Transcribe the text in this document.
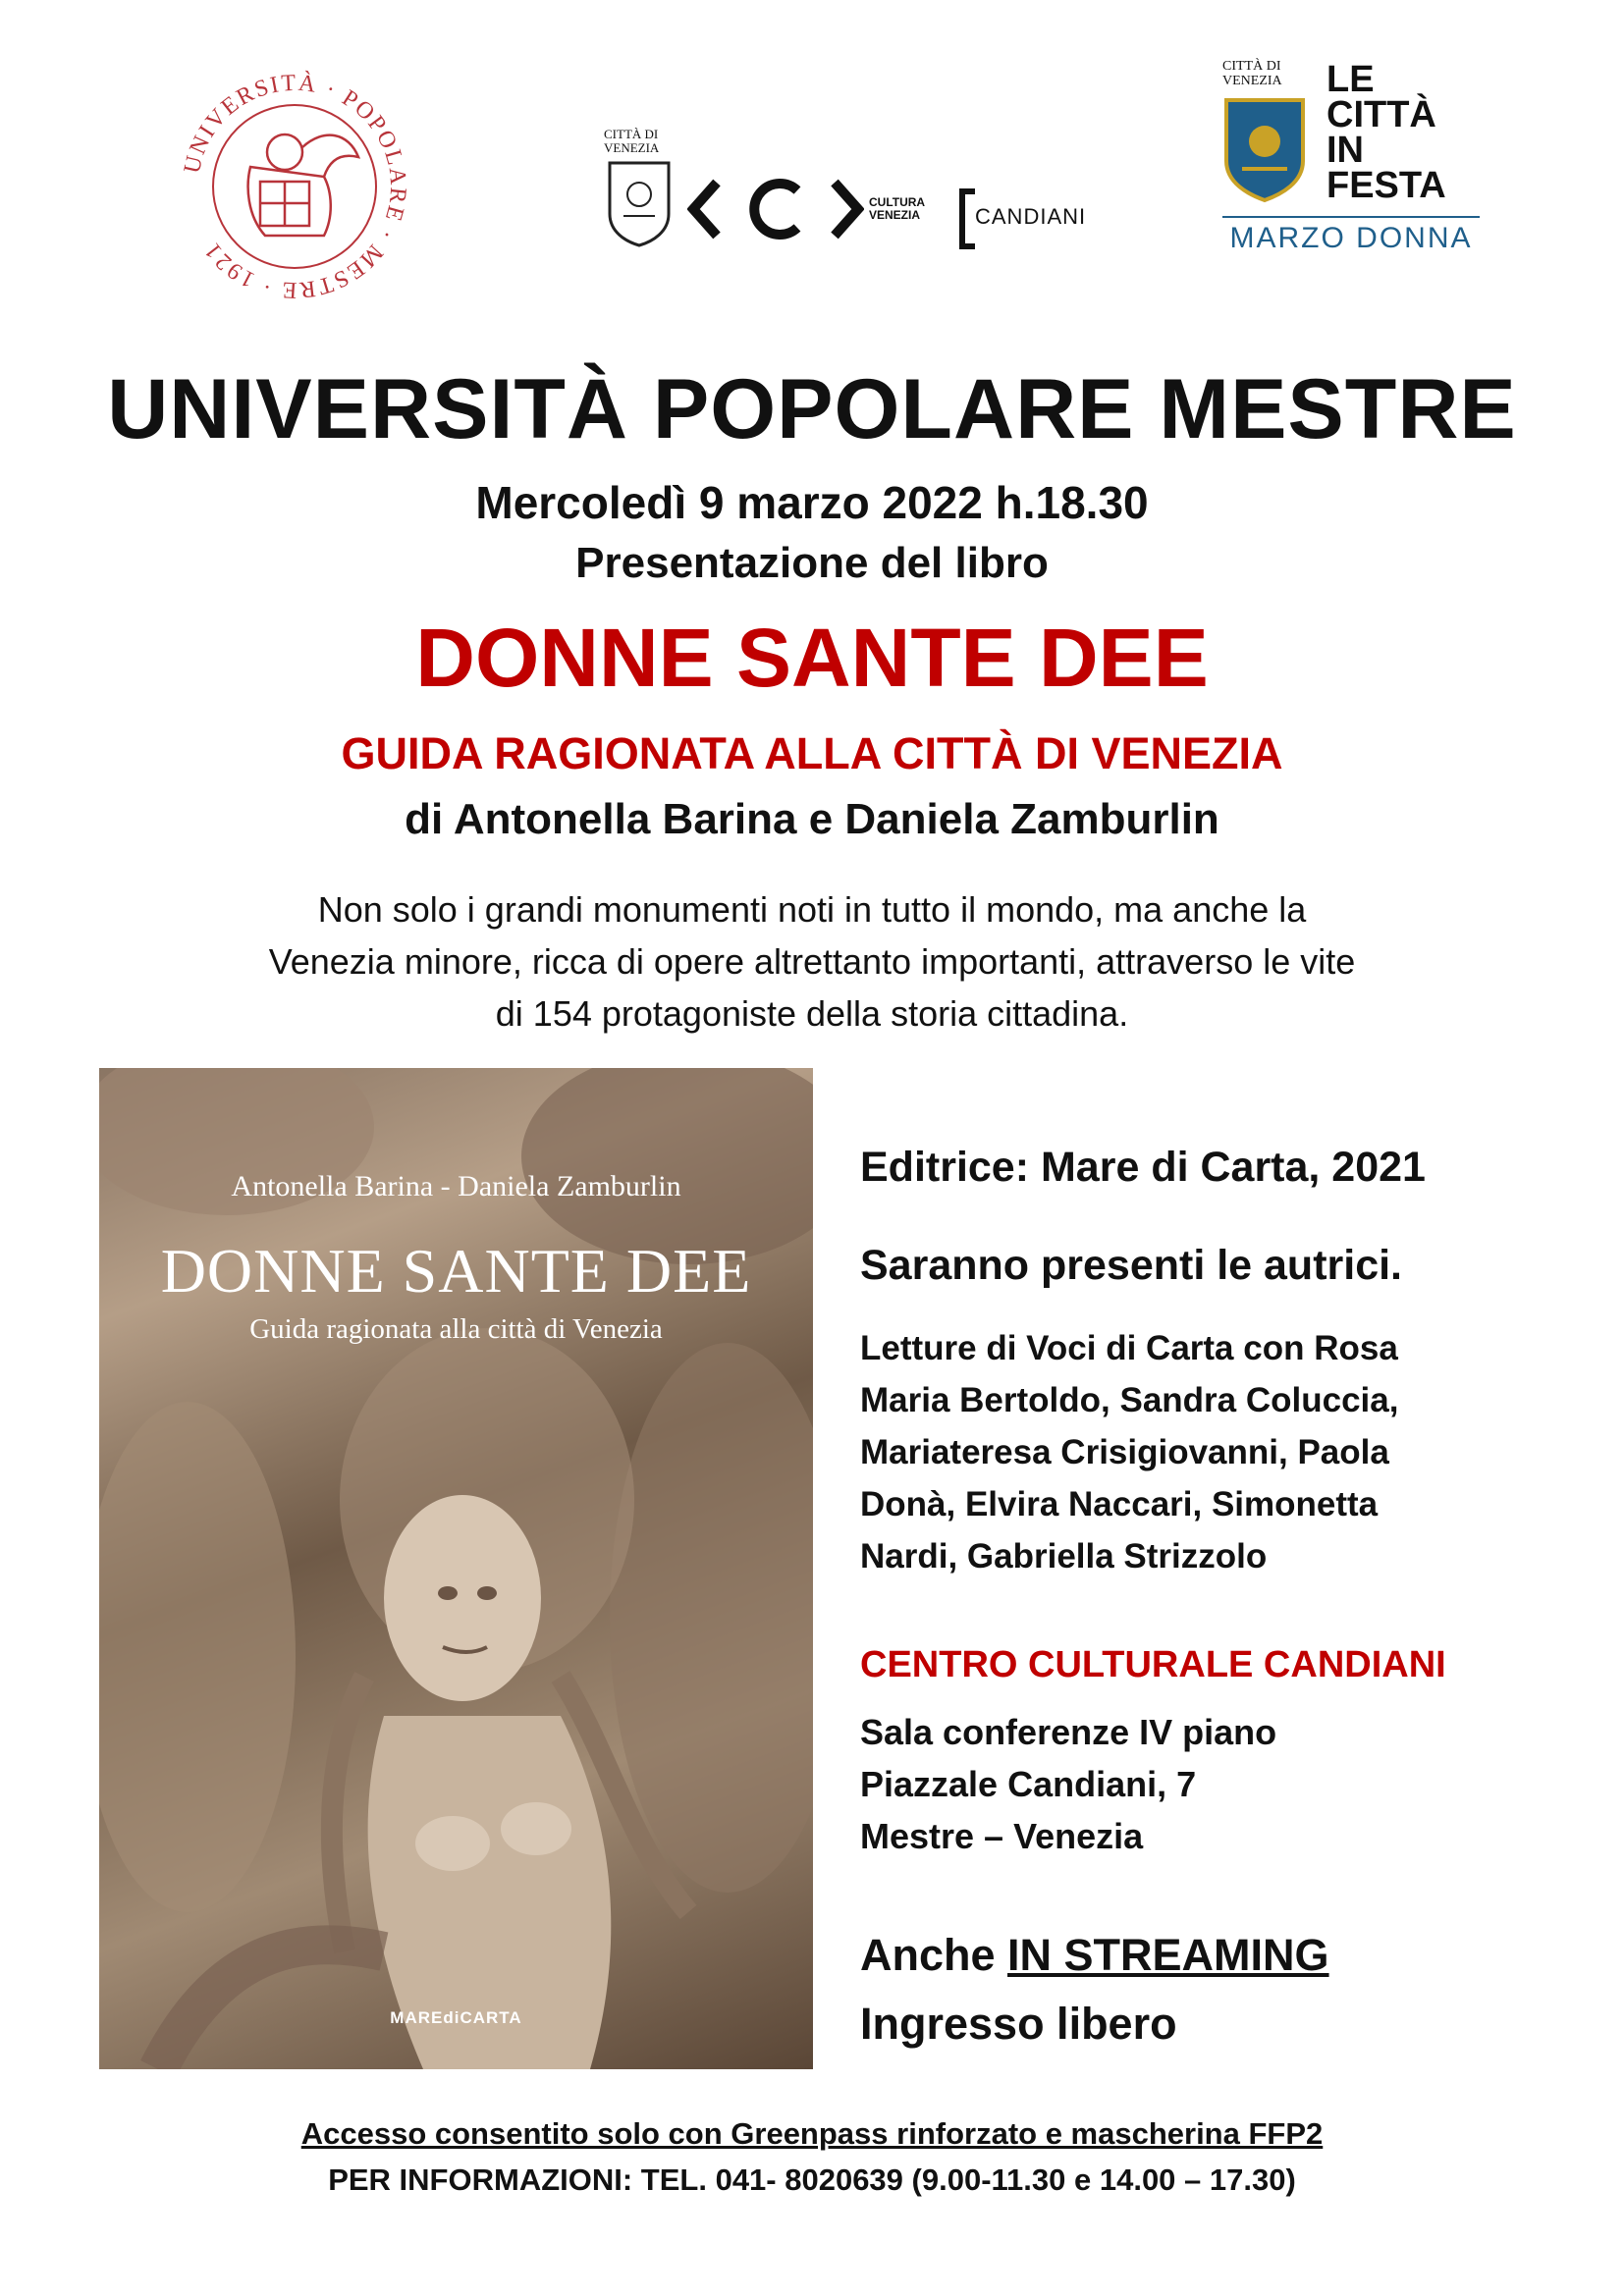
UNIVERSITÀ · POPOLARE · MESTRE · 1921
CITTÀ DI VENEZIA
CULTURA VENEZIA	CANDIANI
CITTÀ DI VENEZIA	LE
CITTÀ
IN
FESTA
MARZO DONNA
UNIVERSITÀ POPOLARE MESTRE
Mercoledì 9 marzo 2022 h.18.30
Presentazione del libro
DONNE SANTE DEE
GUIDA RAGIONATA ALLA CITTÀ DI VENEZIA
di Antonella Barina e Daniela Zamburlin
Non solo i grandi monumenti noti in tutto il mondo, ma anche la
Venezia minore, ricca di opere altrettanto importanti, attraverso le vite
di 154 protagoniste della storia cittadina.
Antonella Barina - Daniela Zamburlin
DONNE SANTE DEE
Guida ragionata alla città di Venezia
MAREdiCARTA
Editrice: Mare di Carta, 2021
Saranno presenti le autrici.
Letture di Voci di Carta con Rosa
Maria Bertoldo, Sandra Coluccia,
Mariateresa Crisigiovanni, Paola
Donà, Elvira Naccari, Simonetta
Nardi, Gabriella Strizzolo
CENTRO CULTURALE CANDIANI
Sala conferenze IV piano
Piazzale Candiani, 7
Mestre – Venezia
Anche IN STREAMING
Ingresso libero
Accesso consentito solo con Greenpass rinforzato e mascherina FFP2
PER INFORMAZIONI: TEL. 041- 8020639 (9.00-11.30 e 14.00 – 17.30)
